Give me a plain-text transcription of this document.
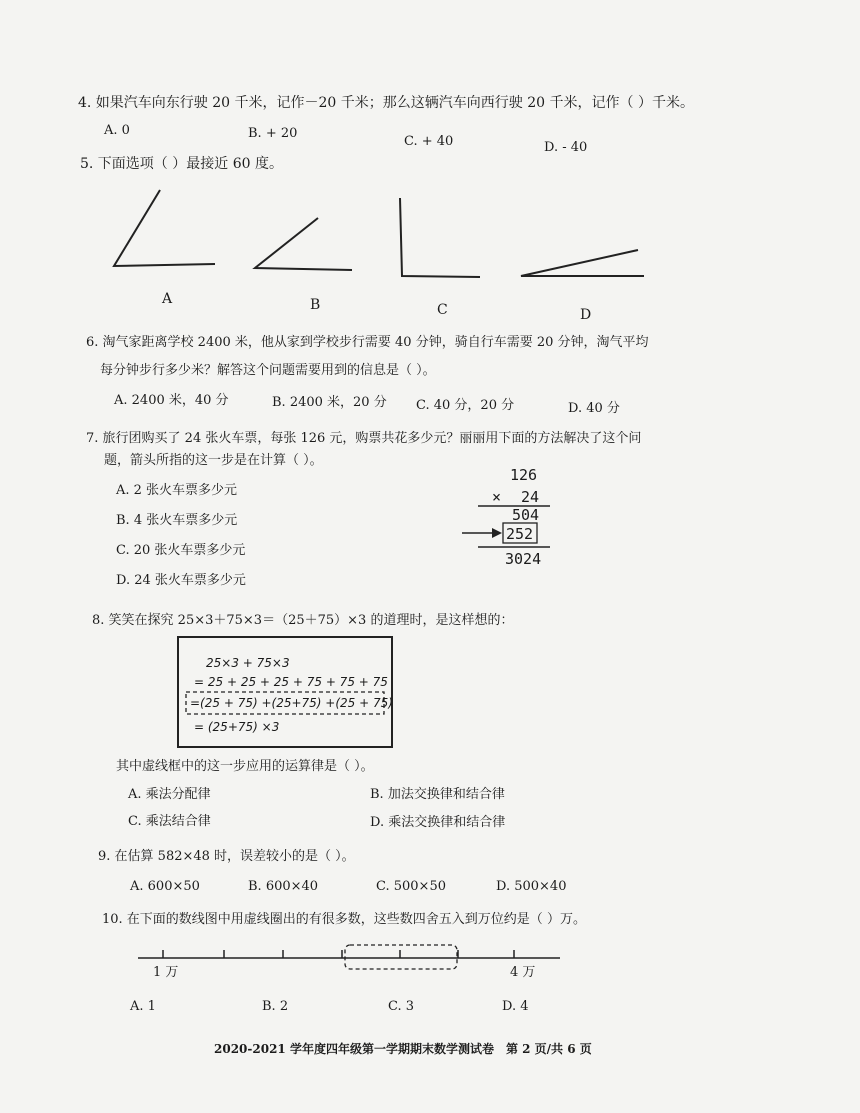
4. 如果汽车向东行驶 20 千米，记作－20 千米；那么这辆汽车向西行驶 20 千米，记作（ ）千米。
A. 0	B. + 20
C. + 40	D. - 40
5. 下面选项（ ）最接近 60 度。
A	B	C	D
6. 淘气家距离学校 2400 米，他从家到学校步行需要 40 分钟，骑自行车需要 20 分钟，淘气平均
每分钟步行多少米？解答这个问题需要用到的信息是（ ）。
A. 2400 米，40 分	B. 2400 米，20 分 C. 40 分，20 分	D. 40 分
7. 旅行团购买了 24 张火车票，每张 126 元，购票共花多少元？丽丽用下面的方法解决了这个问
题，箭头所指的这一步是在计算（ ）。
A. 2 张火车票多少元
B. 4 张火车票多少元
C. 20 张火车票多少元
D. 24 张火车票多少元
126
× 24
504
252
3024
8. 笑笑在探究 25×3＋75×3＝（25＋75）×3 的道理时，是这样想的：
25×3 + 75×3
= 25 + 25 + 25 + 75 + 75 + 75
=(25 + 75) +(25+75) +(25 + 75)
= (25+75) ×3
其中虚线框中的这一步应用的运算律是（ ）。
A. 乘法分配律	B. 加法交换律和结合律
C. 乘法结合律	D. 乘法交换律和结合律
9. 在估算 582×48 时，误差较小的是（ ）。
A. 600×50	B. 600×40	C. 500×50	D. 500×40
10. 在下面的数线图中用虚线圈出的有很多数，这些数四舍五入到万位约是（ ）万。
1 万	4 万
A. 1	B. 2	C. 3	D. 4
2020-2021 学年度四年级第一学期期末数学测试卷　第 2 页/共 6 页
